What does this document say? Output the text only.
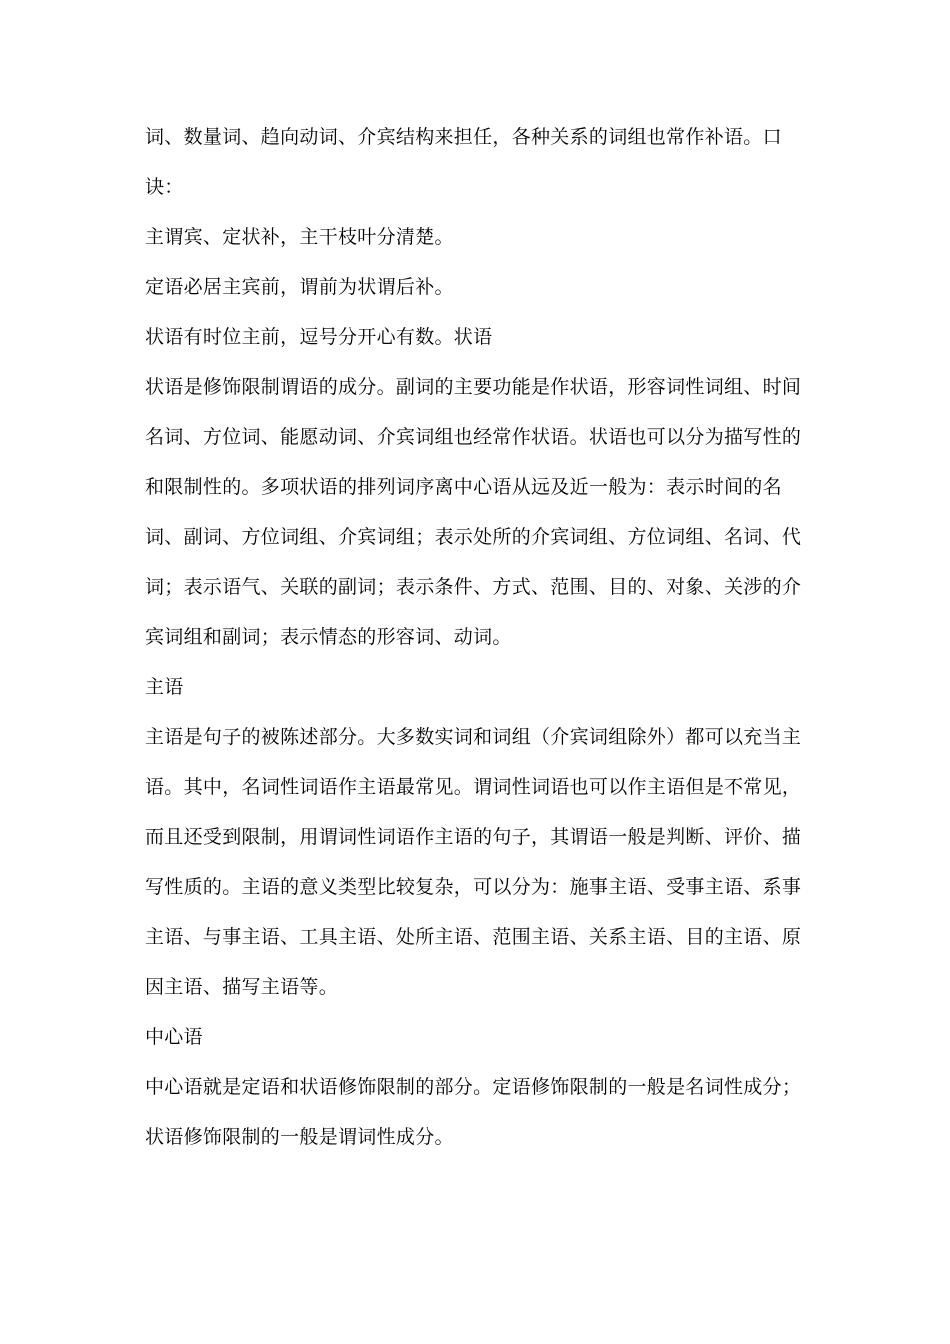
词、数量词、趋向动词、介宾结构来担任，各种关系的词组也常作补语。口诀：

主谓宾、定状补，主干枝叶分清楚。

定语必居主宾前，谓前为状谓后补。

状语有时位主前，逗号分开心有数。状语

状语是修饰限制谓语的成分。副词的主要功能是作状语，形容词性词组、时间名词、方位词、能愿动词、介宾词组也经常作状语。状语也可以分为描写性的和限制性的。多项状语的排列词序离中心语从远及近一般为：表示时间的名词、副词、方位词组、介宾词组；表示处所的介宾词组、方位词组、名词、代词；表示语气、关联的副词；表示条件、方式、范围、目的、对象、关涉的介宾词组和副词；表示情态的形容词、动词。

主语

主语是句子的被陈述部分。大多数实词和词组（介宾词组除外）都可以充当主语。其中，名词性词语作主语最常见。谓词性词语也可以作主语但是不常见，而且还受到限制，用谓词性词语作主语的句子，其谓语一般是判断、评价、描写性质的。主语的意义类型比较复杂，可以分为：施事主语、受事主语、系事主语、与事主语、工具主语、处所主语、范围主语、关系主语、目的主语、原因主语、描写主语等。

中心语

中心语就是定语和状语修饰限制的部分。定语修饰限制的一般是名词性成分；状语修饰限制的一般是谓词性成分。
